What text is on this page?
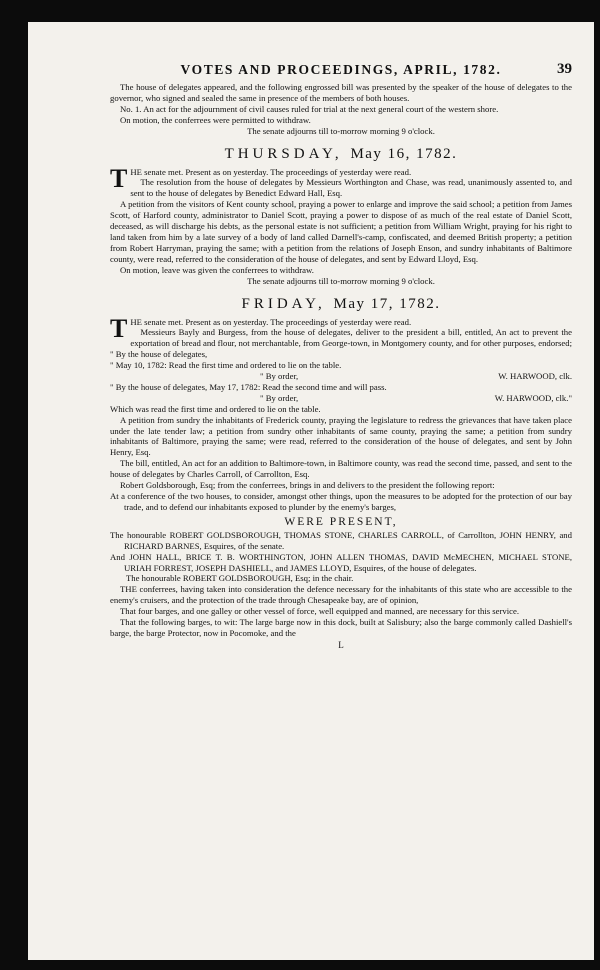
VOTES AND PROCEEDINGS, APRIL, 1782.	39

The house of delegates appeared, and the following engrossed bill was presented by the speaker of the house of delegates to the governor, who signed and sealed the same in presence of the members of both houses.

No. 1. An act for the adjournment of civil causes ruled for trial at the next general court of the western shore.

On motion, the conferrees were permitted to withdraw.

The senate adjourns till to-morrow morning 9 o'clock.

THURSDAY, May 16, 1782.

THE senate met. Present as on yesterday. The proceedings of yesterday were read.

The resolution from the house of delegates by Messieurs Worthington and Chase, was read, unanimously assented to, and sent to the house of delegates by Benedict Edward Hall, Esq.

A petition from the visitors of Kent county school, praying a power to enlarge and improve the said school; a petition from James Scott, of Harford county, administrator to Daniel Scott, praying a power to dispose of as much of the real estate of Daniel Scott, deceased, as will discharge his debts, as the personal estate is not sufficient; a petition from William Wright, praying for his right to land taken from him by a late survey of a body of land called Darnell's-camp, confiscated, and deemed British property; a petition from Robert Harryman, praying the same; with a petition from the relations of Joseph Enson, and sundry inhabitants of Baltimore county, were read, referred to the consideration of the house of delegates, and sent by Edward Lloyd, Esq.

On motion, leave was given the conferrees to withdraw.

The senate adjourns till to-morrow morning 9 o'clock.

FRIDAY, May 17, 1782.

THE senate met. Present as on yesterday. The proceedings of yesterday were read.

Messieurs Bayly and Burgess, from the house of delegates, deliver to the president a bill, entitled, An act to prevent the exportation of bread and flour, not merchantable, from George-town, in Montgomery county, and for other purposes, endorsed; " By the house of delegates,

" May 10, 1782: Read the first time and ordered to lie on the table.

" By order,	W. HARWOOD, clk.

" By the house of delegates, May 17, 1782: Read the second time and will pass.

" By order,	W. HARWOOD, clk."

Which was read the first time and ordered to lie on the table.

A petition from sundry the inhabitants of Frederick county, praying the legislature to redress the grievances that have taken place under the late tender law; a petition from sundry other inhabitants of same county, praying the same; a petition from sundry inhabitants of Baltimore, praying the same; were read, referred to the consideration of the house of delegates, and sent by John Henry, Esq.

The bill, entitled, An act for an addition to Baltimore-town, in Baltimore county, was read the second time, passed, and sent to the house of delegates by Charles Carroll, of Carrollton, Esq.

Robert Goldsborough, Esq; from the conferrees, brings in and delivers to the president the following report:

At a conference of the two houses, to consider, amongst other things, upon the measures to be adopted for the protection of our bay trade, and to defend our inhabitants exposed to plunder by the enemy's barges,

WERE PRESENT,

The honourable ROBERT GOLDSBOROUGH, THOMAS STONE, CHARLES CARROLL, of Carrollton, JOHN HENRY, and RICHARD BARNES, Esquires, of the senate.

And JOHN HALL, BRICE T. B. WORTHINGTON, JOHN ALLEN THOMAS, DAVID McMECHEN, MICHAEL STONE, URIAH FORREST, JOSEPH DASHIELL, and JAMES LLOYD, Esquires, of the house of delegates.

The honourable ROBERT GOLDSBOROUGH, Esq; in the chair.

THE conferrees, having taken into consideration the defence necessary for the inhabitants of this state who are accessible to the enemy's cruisers, and the protection of the trade through Chesapeake bay, are of opinion,

That four barges, and one galley or other vessel of force, well equipped and manned, are necessary for this service.

That the following barges, to wit: The large barge now in this dock, built at Salisbury; also the barge commonly called Dashiell's barge, the barge Protector, now in Pocomoke, and the

L
